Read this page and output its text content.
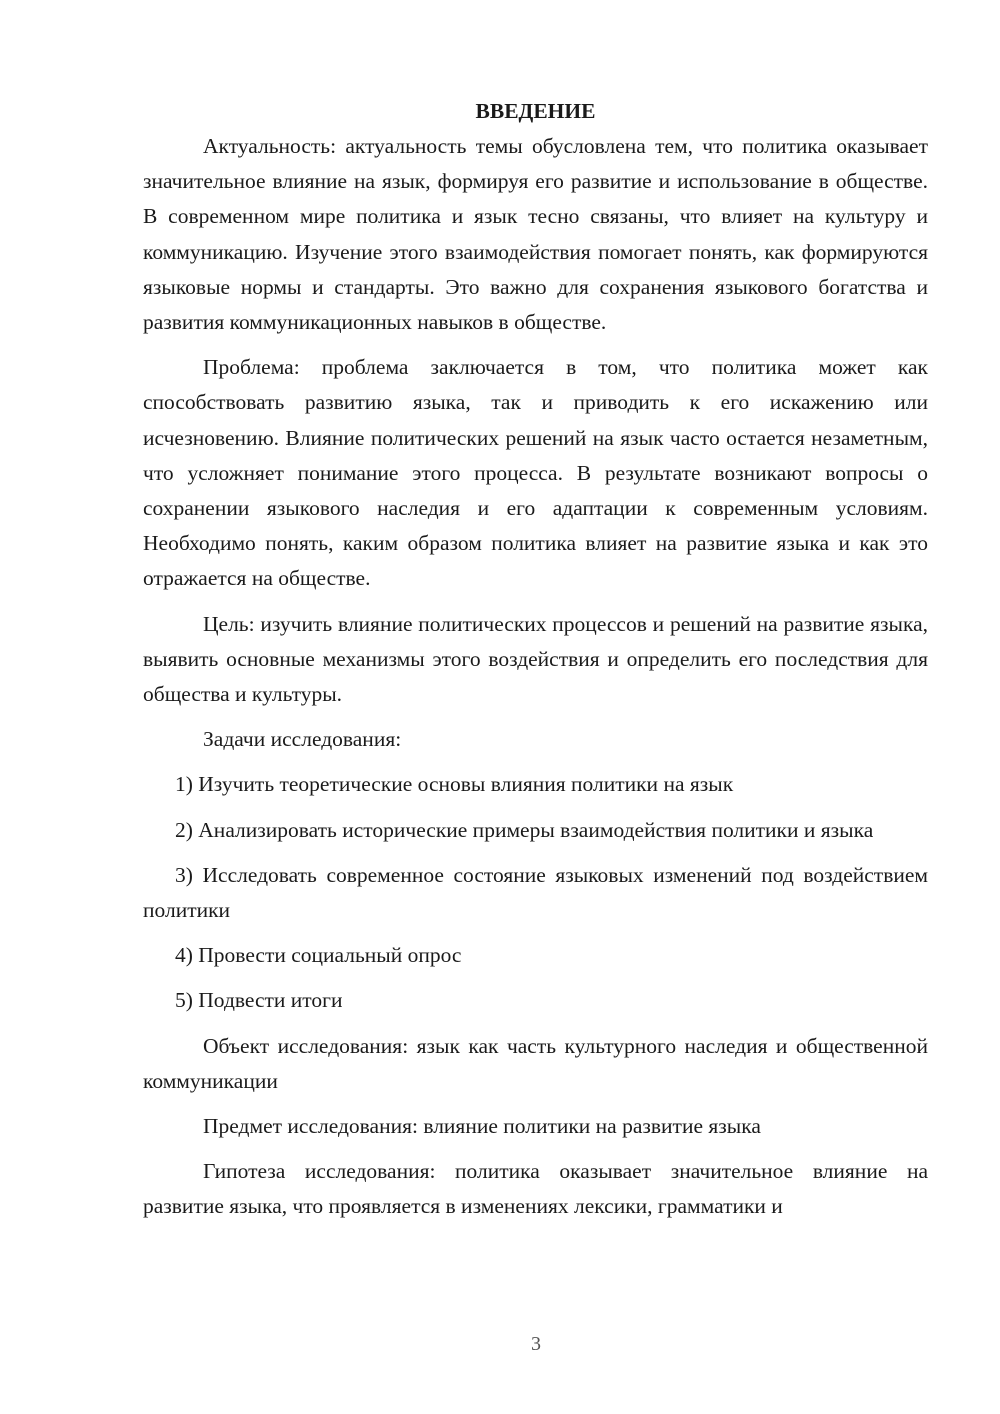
ВВЕДЕНИЕ

Актуальность: актуальность темы обусловлена тем, что политика оказывает значительное влияние на язык, формируя его развитие и использование в обществе. В современном мире политика и язык тесно связаны, что влияет на культуру и коммуникацию. Изучение этого взаимодействия помогает понять, как формируются языковые нормы и стандарты. Это важно для сохранения языкового богатства и развития коммуникационных навыков в обществе.

Проблема: проблема заключается в том, что политика может как способствовать развитию языка, так и приводить к его искажению или исчезновению. Влияние политических решений на язык часто остается незаметным, что усложняет понимание этого процесса. В результате возникают вопросы о сохранении языкового наследия и его адаптации к современным условиям. Необходимо понять, каким образом политика влияет на развитие языка и как это отражается на обществе.

Цель: изучить влияние политических процессов и решений на развитие языка, выявить основные механизмы этого воздействия и определить его последствия для общества и культуры.

Задачи исследования:

1) Изучить теоретические основы влияния политики на язык

2) Анализировать исторические примеры взаимодействия политики и языка

3) Исследовать современное состояние языковых изменений под воздействием политики

4) Провести социальный опрос

5) Подвести итоги

Объект исследования: язык как часть культурного наследия и общественной коммуникации

Предмет исследования: влияние политики на развитие языка

Гипотеза исследования: политика оказывает значительное влияние на развитие языка, что проявляется в изменениях лексики, грамматики и

3
